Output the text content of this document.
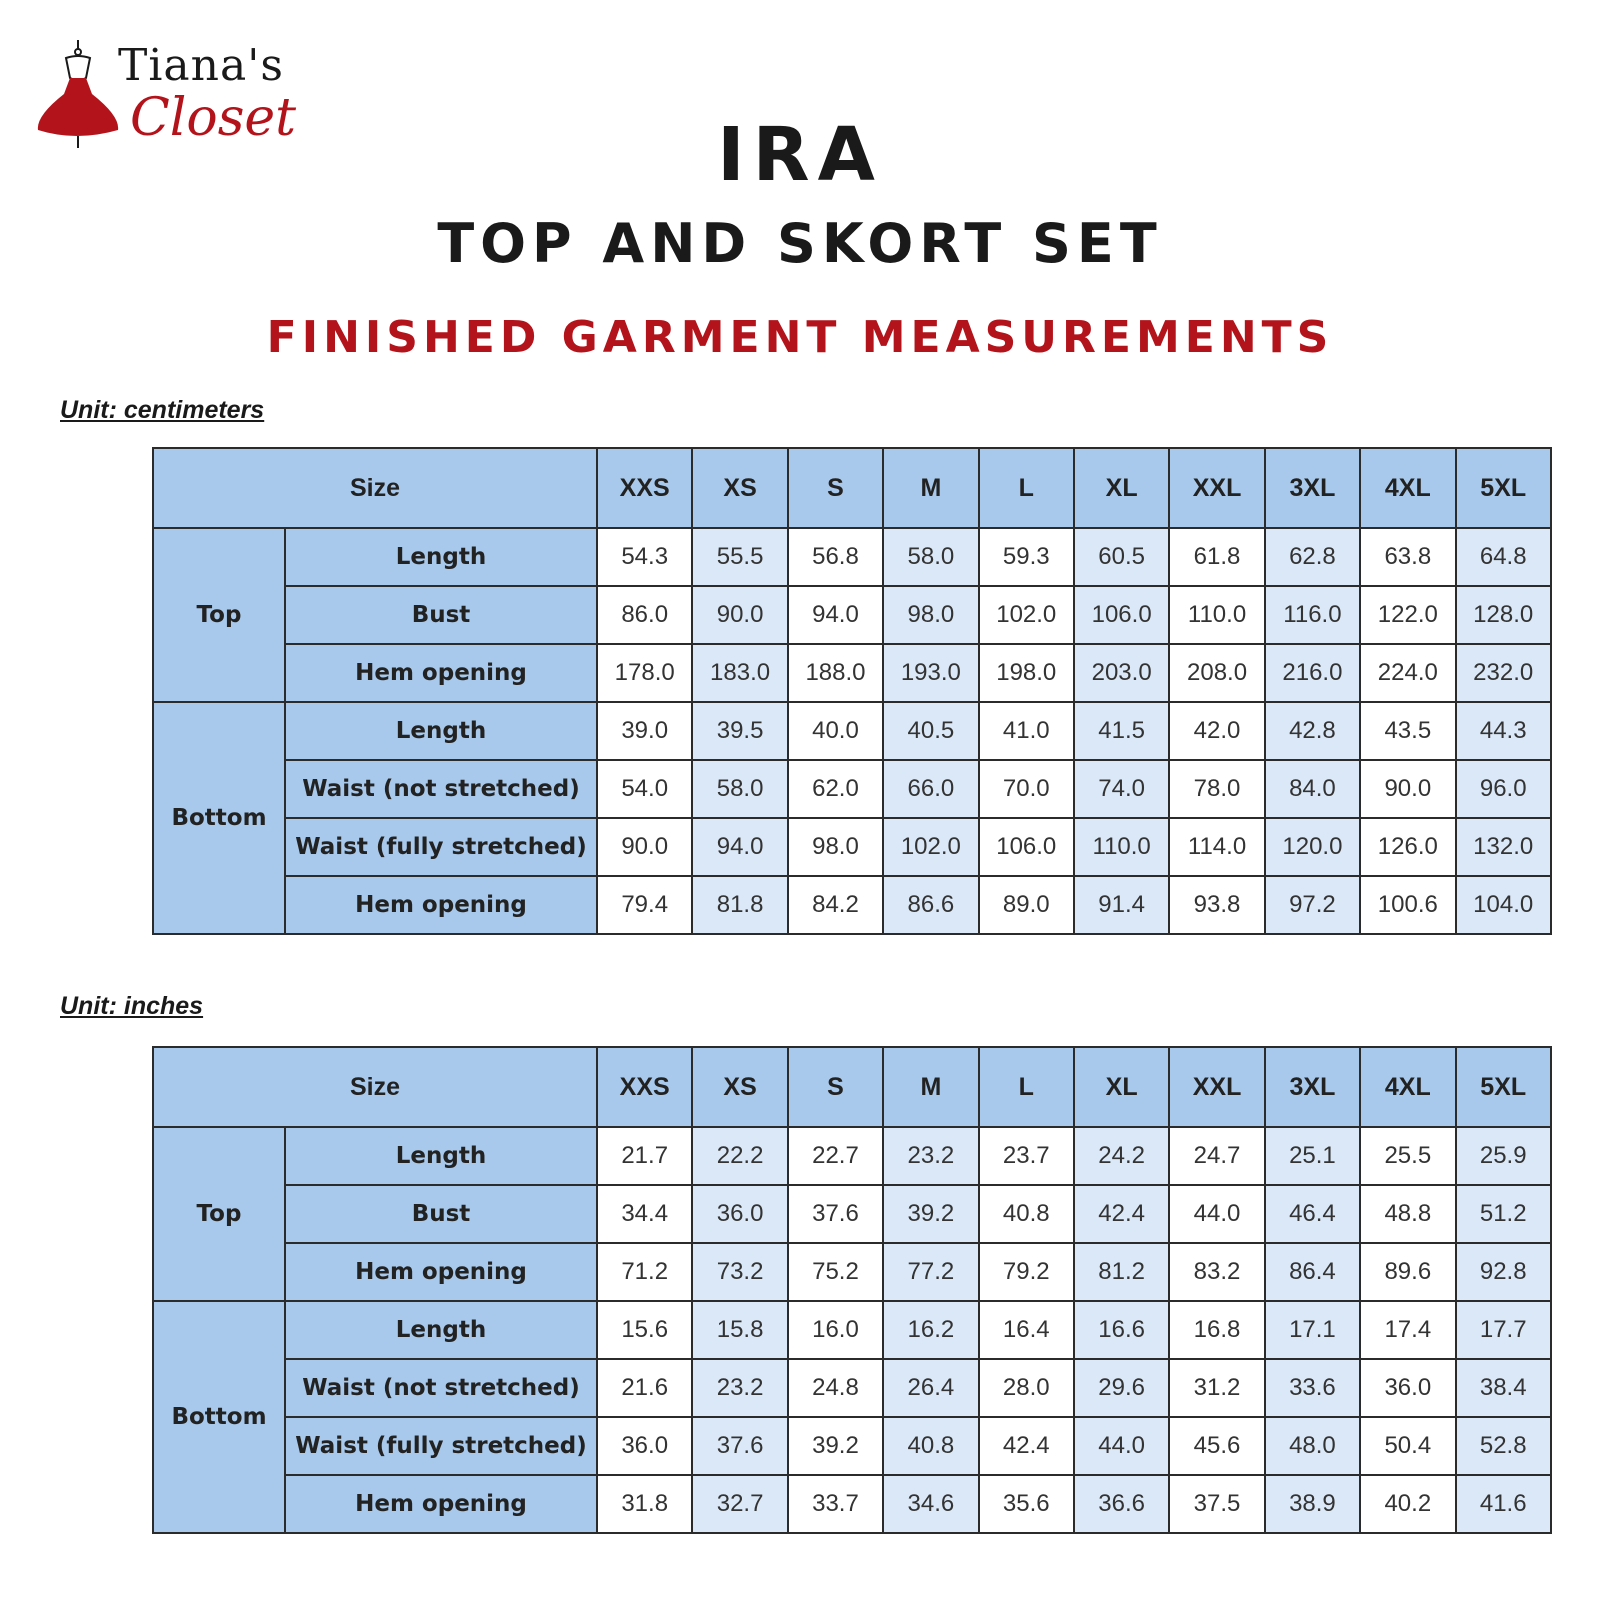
Tiana's
Closet	IRA
TOP AND SKORT SET
FINISHED GARMENT MEASUREMENTS
Unit: centimeters
Size		XXS	XS	S	M	L	XL	XXL	3XL	4XL	5XL
Top	Length	54.3	55.5	56.8	58.0	59.3	60.5	61.8	62.8	63.8	64.8
	Bust	86.0	90.0	94.0	98.0	102.0	106.0	110.0	116.0	122.0	128.0
	Hem opening	178.0	183.0	188.0	193.0	198.0	203.0	208.0	216.0	224.0	232.0
Bottom	Length	39.0	39.5	40.0	40.5	41.0	41.5	42.0	42.8	43.5	44.3
	Waist (not stretched)	54.0	58.0	62.0	66.0	70.0	74.0	78.0	84.0	90.0	96.0
	Waist (fully stretched)	90.0	94.0	98.0	102.0	106.0	110.0	114.0	120.0	126.0	132.0
	Hem opening	79.4	81.8	84.2	86.6	89.0	91.4	93.8	97.2	100.6	104.0
Unit: inches
Size		XXS	XS	S	M	L	XL	XXL	3XL	4XL	5XL
Top	Length	21.7	22.2	22.7	23.2	23.7	24.2	24.7	25.1	25.5	25.9
	Bust	34.4	36.0	37.6	39.2	40.8	42.4	44.0	46.4	48.8	51.2
	Hem opening	71.2	73.2	75.2	77.2	79.2	81.2	83.2	86.4	89.6	92.8
Bottom	Length	15.6	15.8	16.0	16.2	16.4	16.6	16.8	17.1	17.4	17.7
	Waist (not stretched)	21.6	23.2	24.8	26.4	28.0	29.6	31.2	33.6	36.0	38.4
	Waist (fully stretched)	36.0	37.6	39.2	40.8	42.4	44.0	45.6	48.0	50.4	52.8
	Hem opening	31.8	32.7	33.7	34.6	35.6	36.6	37.5	38.9	40.2	41.6
